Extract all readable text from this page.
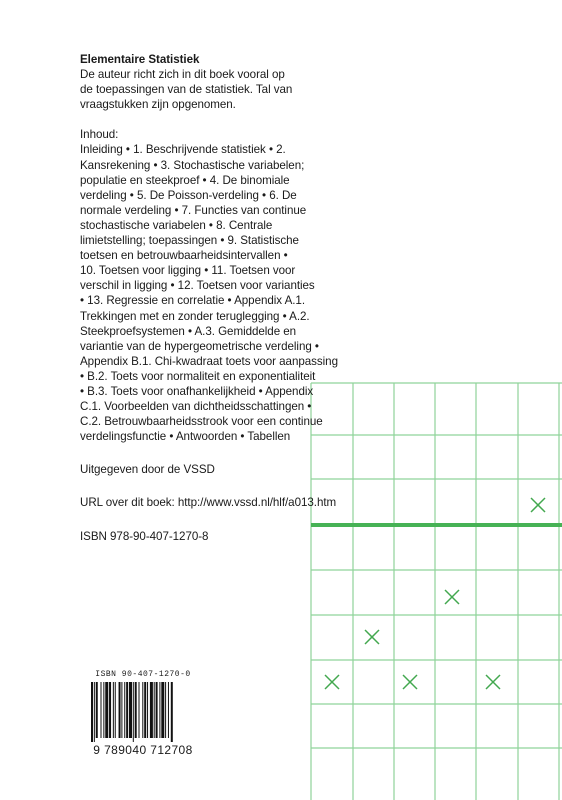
Elementaire Statistiek

De auteur richt zich in dit boek vooral op

de toepassingen van de statistiek. Tal van

vraagstukken zijn opgenomen.

Inhoud:

Inleiding • 1. Beschrijvende statistiek • 2.

Kansrekening • 3. Stochastische variabelen;

populatie en steekproef • 4. De binomiale

verdeling • 5. De Poisson-verdeling • 6. De

normale verdeling • 7. Functies van continue

stochastische variabelen • 8. Centrale

limietstelling; toepassingen • 9. Statistische

toetsen en betrouwbaarheidsintervallen •

10. Toetsen voor ligging • 11. Toetsen voor

verschil in ligging • 12. Toetsen voor varianties

• 13. Regressie en correlatie • Appendix A.1.

Trekkingen met en zonder teruglegging • A.2.

Steekproefsystemen • A.3. Gemiddelde en

variantie van de hypergeometrische verdeling •

Appendix B.1. Chi-kwadraat toets voor aanpassing

• B.2. Toets voor normaliteit en exponentialiteit

• B.3. Toets voor onafhankelijkheid • Appendix

C.1. Voorbeelden van dichtheidsschattingen •

C.2. Betrouwbaarheidsstrook voor een continue

verdelingsfunctie • Antwoorden • Tabellen

Uitgegeven door de VSSD

URL over dit boek: http://www.vssd.nl/hlf/a013.htm

ISBN 978-90-407-1270-8

ISBN 90-407-1270-0
9 789040 712708
